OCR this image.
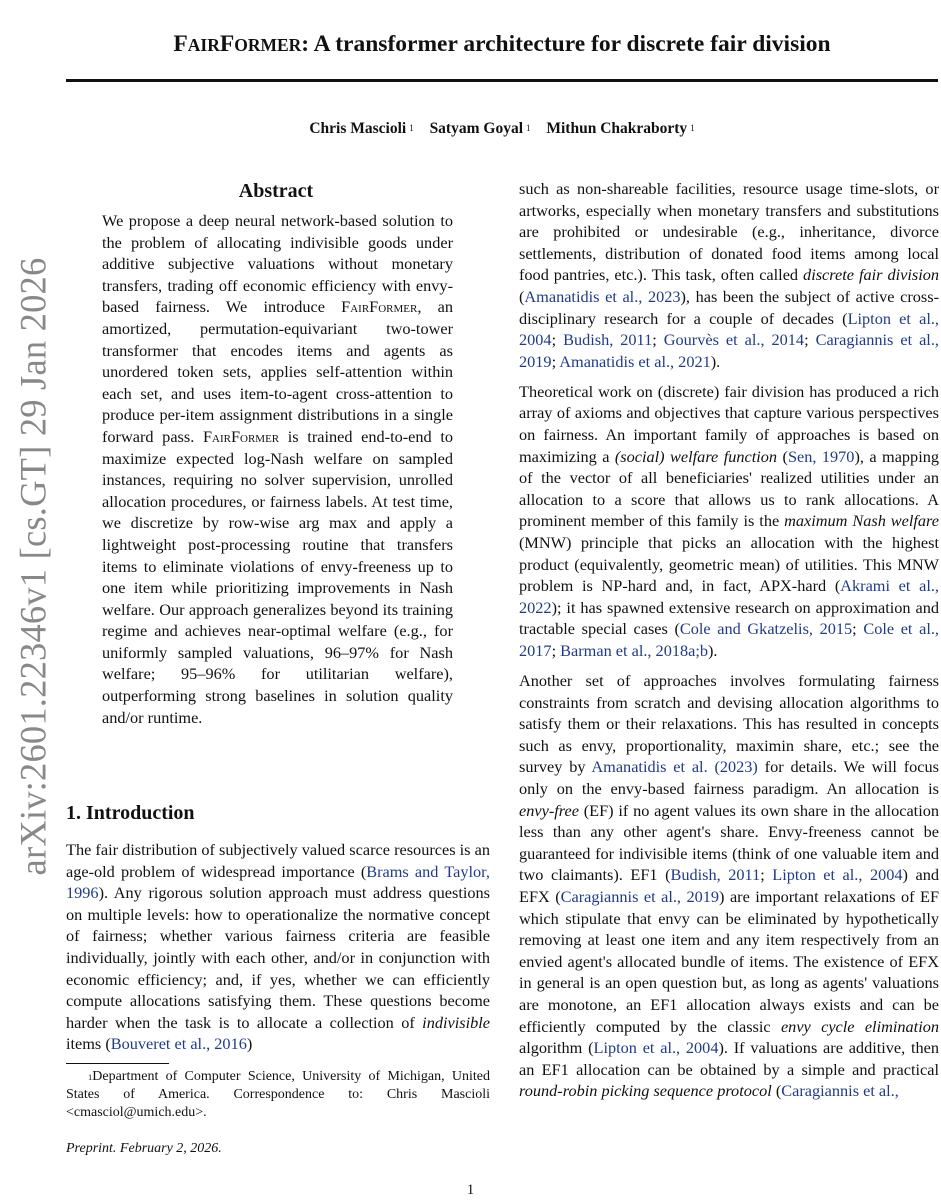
arXiv:2601.22346v1 [cs.GT] 29 Jan 2026
FAIRFORMER: A transformer architecture for discrete fair division
Chris Mascioli $^1$ Satyam Goyal $^1$ Mithun Chakraborty $^1$
Abstract
We propose a deep neural network-based solution to the problem of allocating indivisible goods under additive subjective valuations without monetary transfers, trading off economic efficiency with envy-based fairness. We introduce FairFormer, an amortized, permutation-equivariant two-tower transformer that encodes items and agents as unordered token sets, applies self-attention within each set, and uses item-to-agent cross-attention to produce per-item assignment distributions in a single forward pass. FairFormer is trained end-to-end to maximize expected log-Nash welfare on sampled instances, requiring no solver supervision, unrolled allocation procedures, or fairness labels. At test time, we discretize by row-wise arg max and apply a lightweight post-processing routine that transfers items to eliminate violations of envy-freeness up to one item while prioritizing improvements in Nash welfare. Our approach generalizes beyond its training regime and achieves near-optimal welfare (e.g., for uniformly sampled valuations, 96–97% for Nash welfare; 95–96% for utilitarian welfare), outperforming strong baselines in solution quality and/or runtime.
1. Introduction
The fair distribution of subjectively valued scarce resources is an age-old problem of widespread importance (Brams and Taylor, 1996). Any rigorous solution approach must address questions on multiple levels: how to operationalize the normative concept of fairness; whether various fairness criteria are feasible individually, jointly with each other, and/or in conjunction with economic efficiency; and, if yes, whether we can efficiently compute allocations satisfying them. These questions become harder when the task is to allocate a collection of indivisible items (Bouveret et al., 2016)
$^1$Department of Computer Science, University of Michigan, United States of America. Correspondence to: Chris Mascioli <cmasciol@umich.edu>.
Preprint. February 2, 2026.

such as non-shareable facilities, resource usage time-slots, or artworks, especially when monetary transfers and substitutions are prohibited or undesirable (e.g., inheritance, divorce settlements, distribution of donated food items among local food pantries, etc.). This task, often called discrete fair division (Amanatidis et al., 2023), has been the subject of active cross-disciplinary research for a couple of decades (Lipton et al., 2004; Budish, 2011; Gourvès et al., 2014; Caragiannis et al., 2019; Amanatidis et al., 2021).

Theoretical work on (discrete) fair division has produced a rich array of axioms and objectives that capture various perspectives on fairness. An important family of approaches is based on maximizing a (social) welfare function (Sen, 1970), a mapping of the vector of all beneficiaries' realized utilities under an allocation to a score that allows us to rank allocations. A prominent member of this family is the maximum Nash welfare (MNW) principle that picks an allocation with the highest product (equivalently, geometric mean) of utilities. This MNW problem is NP-hard and, in fact, APX-hard (Akrami et al., 2022); it has spawned extensive research on approximation and tractable special cases (Cole and Gkatzelis, 2015; Cole et al., 2017; Barman et al., 2018a;b).

Another set of approaches involves formulating fairness constraints from scratch and devising allocation algorithms to satisfy them or their relaxations. This has resulted in concepts such as envy, proportionality, maximin share, etc.; see the survey by Amanatidis et al. (2023) for details. We will focus only on the envy-based fairness paradigm. An allocation is envy-free (EF) if no agent values its own share in the allocation less than any other agent's share. Envy-freeness cannot be guaranteed for indivisible items (think of one valuable item and two claimants). EF1 (Budish, 2011; Lipton et al., 2004) and EFX (Caragiannis et al., 2019) are important relaxations of EF which stipulate that envy can be eliminated by hypothetically removing at least one item and any item respectively from an envied agent's allocated bundle of items. The existence of EFX in general is an open question but, as long as agents' valuations are monotone, an EF1 allocation always exists and can be efficiently computed by the classic envy cycle elimination algorithm (Lipton et al., 2004). If valuations are additive, then an EF1 allocation can be obtained by a simple and practical round-robin picking sequence protocol (Caragiannis et al.,

1
